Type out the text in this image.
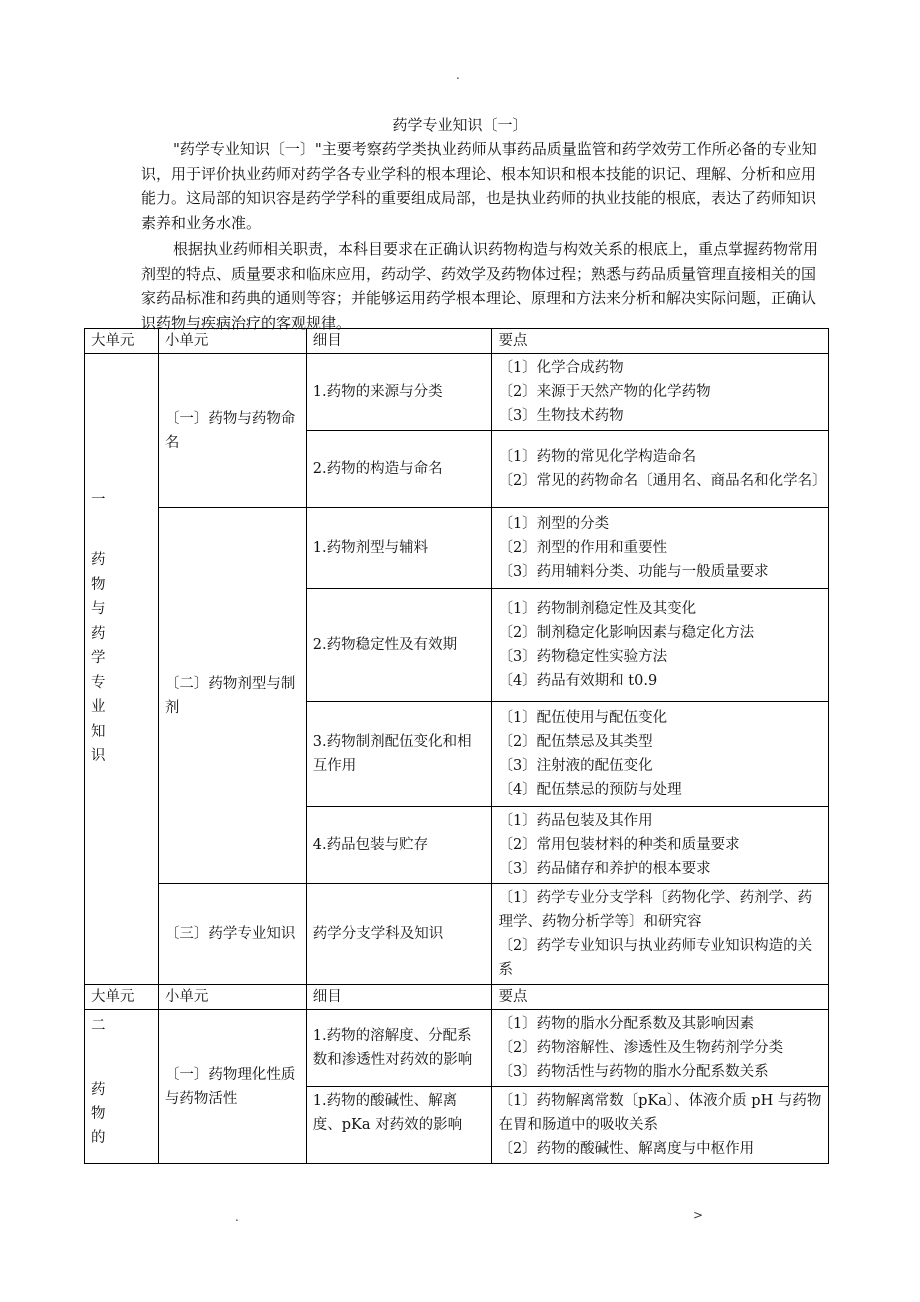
.
药学专业知识〔一〕

"药学专业知识〔一〕"主要考察药学类执业药师从事药品质量监管和药学效劳工作所必备的专业知识，用于评价执业药师对药学各专业学科的根本理论、根本知识和根本技能的识记、理解、分析和应用能力。这局部的知识容是药学学科的重要组成局部，也是执业药师的执业技能的根底，表达了药师知识素养和业务水准。

根据执业药师相关职责，本科目要求在正确认识药物构造与构效关系的根底上，重点掌握药物常用剂型的特点、质量要求和临床应用，药动学、药效学及药物体过程；熟悉与药品质量管理直接相关的国家药品标准和药典的通则等容；并能够运用药学根本理论、原理和方法来分析和解决实际问题，正确认识药物与疾病治疗的客观规律。

大单元	小单元	细目	要点

一
药物与药学专业知识	〔一〕药物与药物命名	1.药物的来源与分类	〔1〕化学合成药物
〔2〕来源于天然产物的化学药物
〔3〕生物技术药物

		2.药物的构造与命名	〔1〕药物的常见化学构造命名
〔2〕常见的药物命名〔通用名、商品名和化学名〕

	〔二〕药物剂型与制剂	1.药物剂型与辅料	〔1〕剂型的分类
〔2〕剂型的作用和重要性
〔3〕药用辅料分类、功能与一般质量要求

		2.药物稳定性及有效期	〔1〕药物制剂稳定性及其变化
〔2〕制剂稳定化影响因素与稳定化方法
〔3〕药物稳定性实验方法
〔4〕药品有效期和 t0.9

		3.药物制剂配伍变化和相互作用	〔1〕配伍使用与配伍变化
〔2〕配伍禁忌及其类型
〔3〕注射液的配伍变化
〔4〕配伍禁忌的预防与处理

		4.药品包装与贮存	〔1〕药品包装及其作用
〔2〕常用包装材料的种类和质量要求
〔3〕药品储存和养护的根本要求

	〔三〕药学专业知识	药学分支学科及知识	〔1〕药学专业分支学科〔药物化学、药剂学、药理学、药物分析学等〕和研究容
〔2〕药学专业知识与执业药师专业知识构造的关系

大单元	小单元	细目	要点

二
药物的	〔一〕药物理化性质与药物活性	1.药物的溶解度、分配系数和渗透性对药效的影响	〔1〕药物的脂水分配系数及其影响因素
〔2〕药物溶解性、渗透性及生物药剂学分类
〔3〕药物活性与药物的脂水分配系数关系

		1.药物的酸碱性、解离度、pKa 对药效的影响	〔1〕药物解离常数〔pKa〕、体液介质 pH 与药物在胃和肠道中的吸收关系
〔2〕药物的酸碱性、解离度与中枢作用
.	>
